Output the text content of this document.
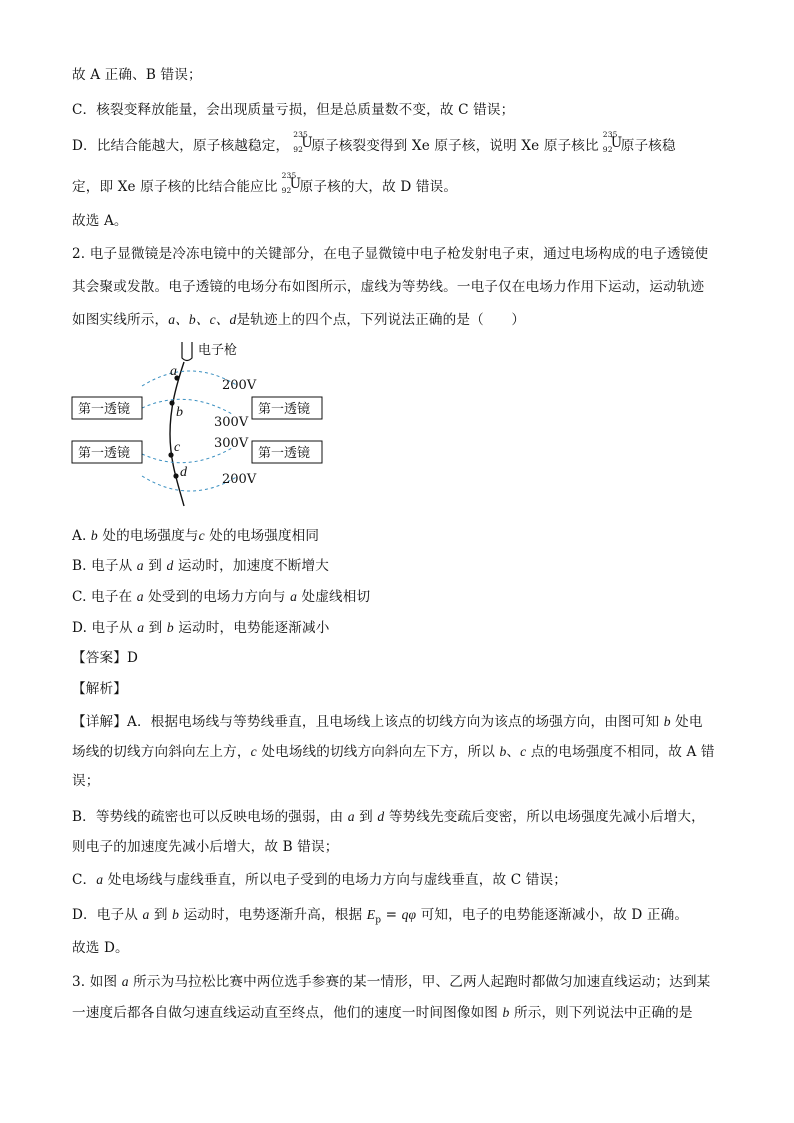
故 A 正确、B 错误；
C．核裂变释放能量，会出现质量亏损，但是总质量数不变，故 C 错误；
D．比结合能越大，原子核越稳定，
235
92
U
原子核裂变得到 Xe 原子核，说明 Xe 原子核比
235
92
U
原子核稳
定，即 Xe 原子核的比结合能应比
235
92
U
原子核的大，故 D 错误。
故选 A。
2. 电子显微镜是冷冻电镜中的关键部分，在电子显微镜中电子枪发射电子束，通过电场构成的电子透镜使
其会聚或发散。电子透镜的电场分布如图所示，虚线为等势线。一电子仅在电场力作用下运动，运动轨迹
如图实线所示，a、b、c、d是轨迹上的四个点，下列说法正确的是（　　）
电子枪
第一透镜	第一透镜
第一透镜	第一透镜
200V
300V
300V
200V
a
b
c
d
A. b 处的电场强度与c 处的电场强度相同
B. 电子从 a 到 d 运动时，加速度不断增大
C. 电子在 a 处受到的电场力方向与 a 处虚线相切
D. 电子从 a 到 b 运动时，电势能逐渐减小
【答案】D
【解析】
【详解】A．根据电场线与等势线垂直，且电场线上该点的切线方向为该点的场强方向，由图可知 b 处电
场线的切线方向斜向左上方，c 处电场线的切线方向斜向左下方，所以 b、c 点的电场强度不相同，故 A 错
误；
B．等势线的疏密也可以反映电场的强弱，由 a 到 d 等势线先变疏后变密，所以电场强度先减小后增大，
则电子的加速度先减小后增大，故 B 错误；
C．a 处电场线与虚线垂直，所以电子受到的电场力方向与虚线垂直，故 C 错误；
D．电子从 a 到 b 运动时，电势逐渐升高，根据 $E_p = q\varphi$ 可知，电子的电势能逐渐减小，故 D 正确。
故选 D。
3. 如图 a 所示为马拉松比赛中两位选手参赛的某一情形，甲、乙两人起跑时都做匀加速直线运动；达到某
一速度后都各自做匀速直线运动直至终点，他们的速度一时间图像如图 b 所示，则下列说法中正确的是
